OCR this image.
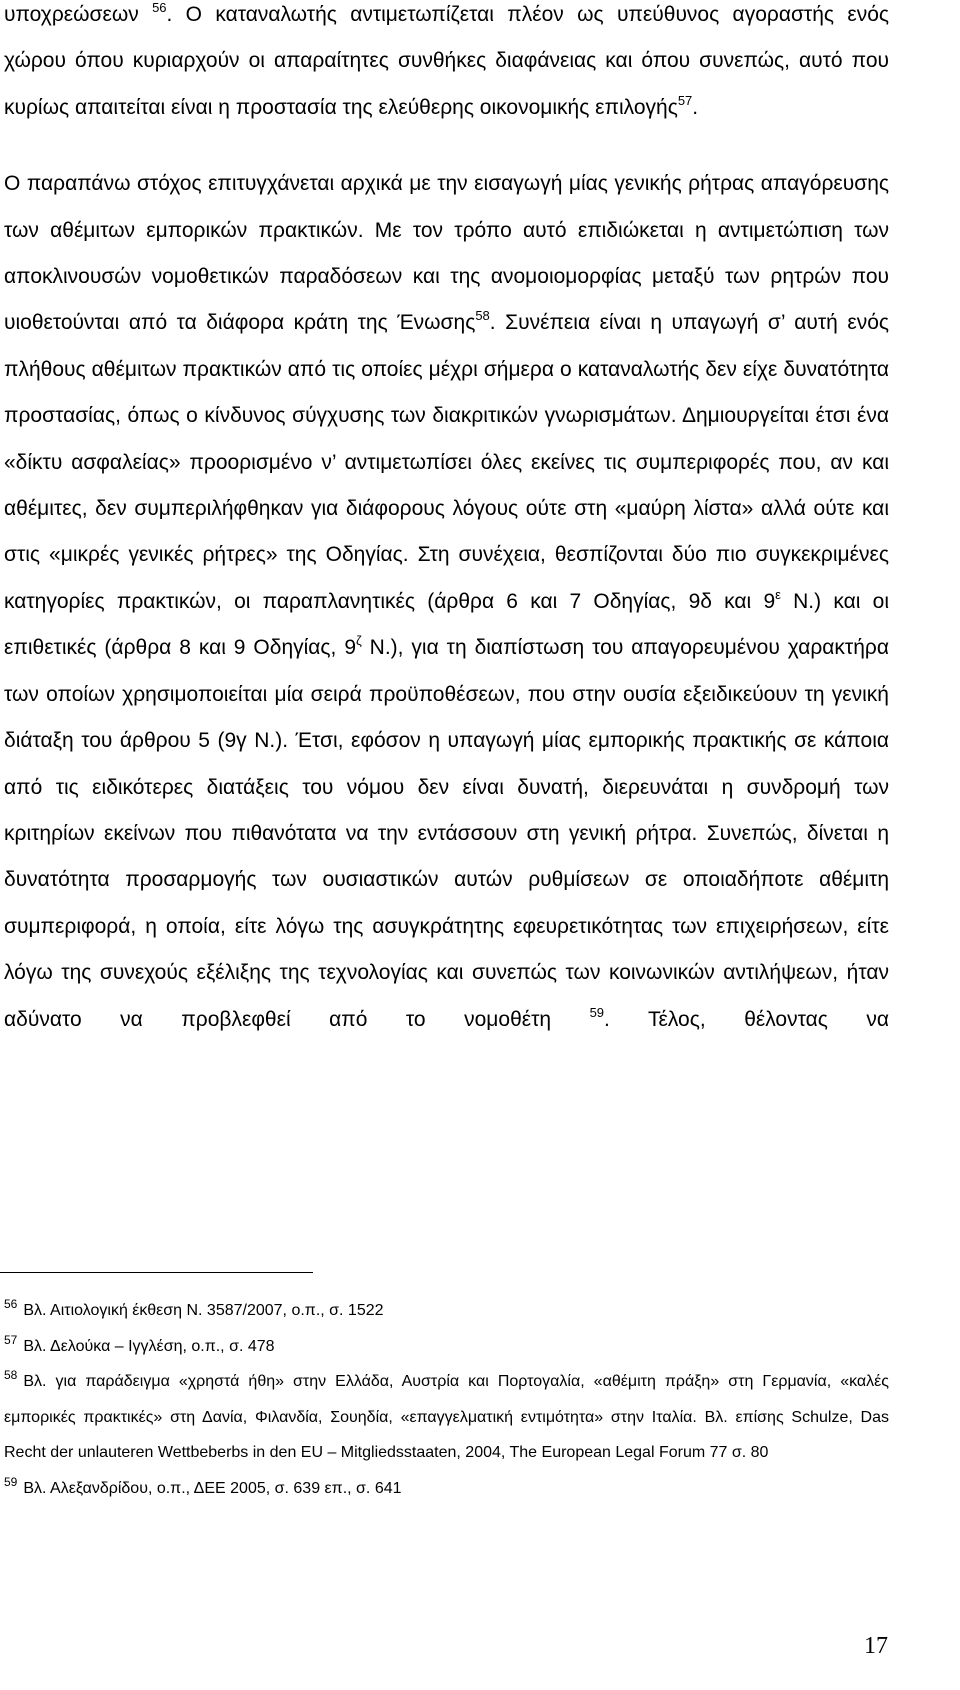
υποχρεώσεων $^{56}$. Ο καταναλωτής αντιμετωπίζεται πλέον ως υπεύθυνος αγοραστής ενός χώρου όπου κυριαρχούν οι απαραίτητες συνθήκες διαφάνειας και όπου συνεπώς, αυτό που κυρίως απαιτείται είναι η προστασία της ελεύθερης οικονομικής επιλογής$^{57}$.

Ο παραπάνω στόχος επιτυγχάνεται αρχικά με την εισαγωγή μίας γενικής ρήτρας απαγόρευσης των αθέμιτων εμπορικών πρακτικών. Με τον τρόπο αυτό επιδιώκεται η αντιμετώπιση των αποκλινουσών νομοθετικών παραδόσεων και της ανομοιομορφίας μεταξύ των ρητρών που υιοθετούνται από τα διάφορα κράτη της Ένωσης$^{58}$. Συνέπεια είναι η υπαγωγή σ’ αυτή ενός πλήθους αθέμιτων πρακτικών από τις οποίες μέχρι σήμερα ο καταναλωτής δεν είχε δυνατότητα προστασίας, όπως ο κίνδυνος σύγχυσης των διακριτικών γνωρισμάτων. Δημιουργείται έτσι ένα «δίκτυ ασφαλείας» προορισμένο ν’ αντιμετωπίσει όλες εκείνες τις συμπεριφορές που, αν και αθέμιτες, δεν συμπεριλήφθηκαν για διάφορους λόγους ούτε στη «μαύρη λίστα» αλλά ούτε και στις «μικρές γενικές ρήτρες» της Οδηγίας. Στη συνέχεια, θεσπίζονται δύο πιο συγκεκριμένες κατηγορίες πρακτικών, οι παραπλανητικές (άρθρα 6 και 7 Οδηγίας, 9δ και $9^\varepsilon$ Ν.) και οι επιθετικές (άρθρα 8 και 9 Οδηγίας, $9^\zeta$ Ν.), για τη διαπίστωση του απαγορευμένου χαρακτήρα των οποίων χρησιμοποιείται μία σειρά προϋποθέσεων, που στην ουσία εξειδικεύουν τη γενική διάταξη του άρθρου 5 (9γ Ν.). Έτσι, εφόσον η υπαγωγή μίας εμπορικής πρακτικής σε κάποια από τις ειδικότερες διατάξεις του νόμου δεν είναι δυνατή, διερευνάται η συνδρομή των κριτηρίων εκείνων που πιθανότατα να την εντάσσουν στη γενική ρήτρα. Συνεπώς, δίνεται η δυνατότητα προσαρμογής των ουσιαστικών αυτών ρυθμίσεων σε οποιαδήποτε αθέμιτη συμπεριφορά, η οποία, είτε λόγω της ασυγκράτητης εφευρετικότητας των επιχειρήσεων, είτε λόγω της συνεχούς εξέλιξης της τεχνολογίας και συνεπώς των κοινωνικών αντιλήψεων, ήταν αδύνατο να προβλεφθεί από το νομοθέτη $^{59}$. Τέλος, θέλοντας να

$^{56}$ Βλ. Αιτιολογική έκθεση Ν. 3587/2007, ο.π., σ. 1522

$^{57}$ Βλ. Δελούκα – Ιγγλέση, ο.π., σ. 478

$^{58}$ Βλ. για παράδειγμα «χρηστά ήθη» στην Ελλάδα, Αυστρία και Πορτογαλία, «αθέμιτη πράξη» στη Γερμανία, «καλές εμπορικές πρακτικές» στη Δανία, Φιλανδία, Σουηδία, «επαγγελματική εντιμότητα» στην Ιταλία. Βλ. επίσης Schulze, Das Recht der unlauteren Wettbeberbs in den EU – Mitgliedsstaaten, 2004, The European Legal Forum 77 σ. 80

$^{59}$ Βλ. Αλεξανδρίδου, ο.π., ΔΕΕ 2005, σ. 639 επ., σ. 641

17
